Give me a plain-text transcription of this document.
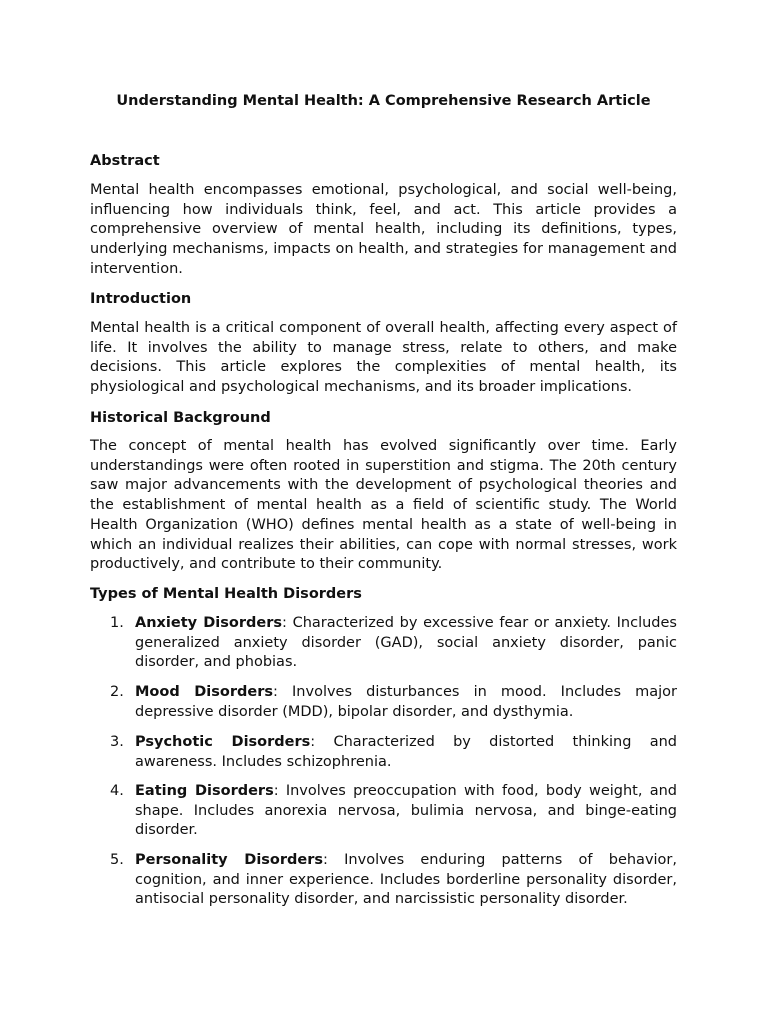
Understanding Mental Health: A Comprehensive Research Article
Abstract

Mental health encompasses emotional, psychological, and social well-being, influencing how individuals think, feel, and act. This article provides a comprehensive overview of mental health, including its definitions, types, underlying mechanisms, impacts on health, and strategies for management and intervention.

Introduction

Mental health is a critical component of overall health, affecting every aspect of life. It involves the ability to manage stress, relate to others, and make decisions. This article explores the complexities of mental health, its physiological and psychological mechanisms, and its broader implications.

Historical Background

The concept of mental health has evolved significantly over time. Early understandings were often rooted in superstition and stigma. The 20th century saw major advancements with the development of psychological theories and the establishment of mental health as a field of scientific study. The World Health Organization (WHO) defines mental health as a state of well-being in which an individual realizes their abilities, can cope with normal stresses, work productively, and contribute to their community.

Types of Mental Health Disorders
1. Anxiety Disorders: Characterized by excessive fear or anxiety. Includes generalized anxiety disorder (GAD), social anxiety disorder, panic disorder, and phobias.
2. Mood Disorders: Involves disturbances in mood. Includes major depressive disorder (MDD), bipolar disorder, and dysthymia.
3. Psychotic Disorders: Characterized by distorted thinking and awareness. Includes schizophrenia.
4. Eating Disorders: Involves preoccupation with food, body weight, and shape. Includes anorexia nervosa, bulimia nervosa, and binge-eating disorder.
5. Personality Disorders: Involves enduring patterns of behavior, cognition, and inner experience. Includes borderline personality disorder, antisocial personality disorder, and narcissistic personality disorder.
